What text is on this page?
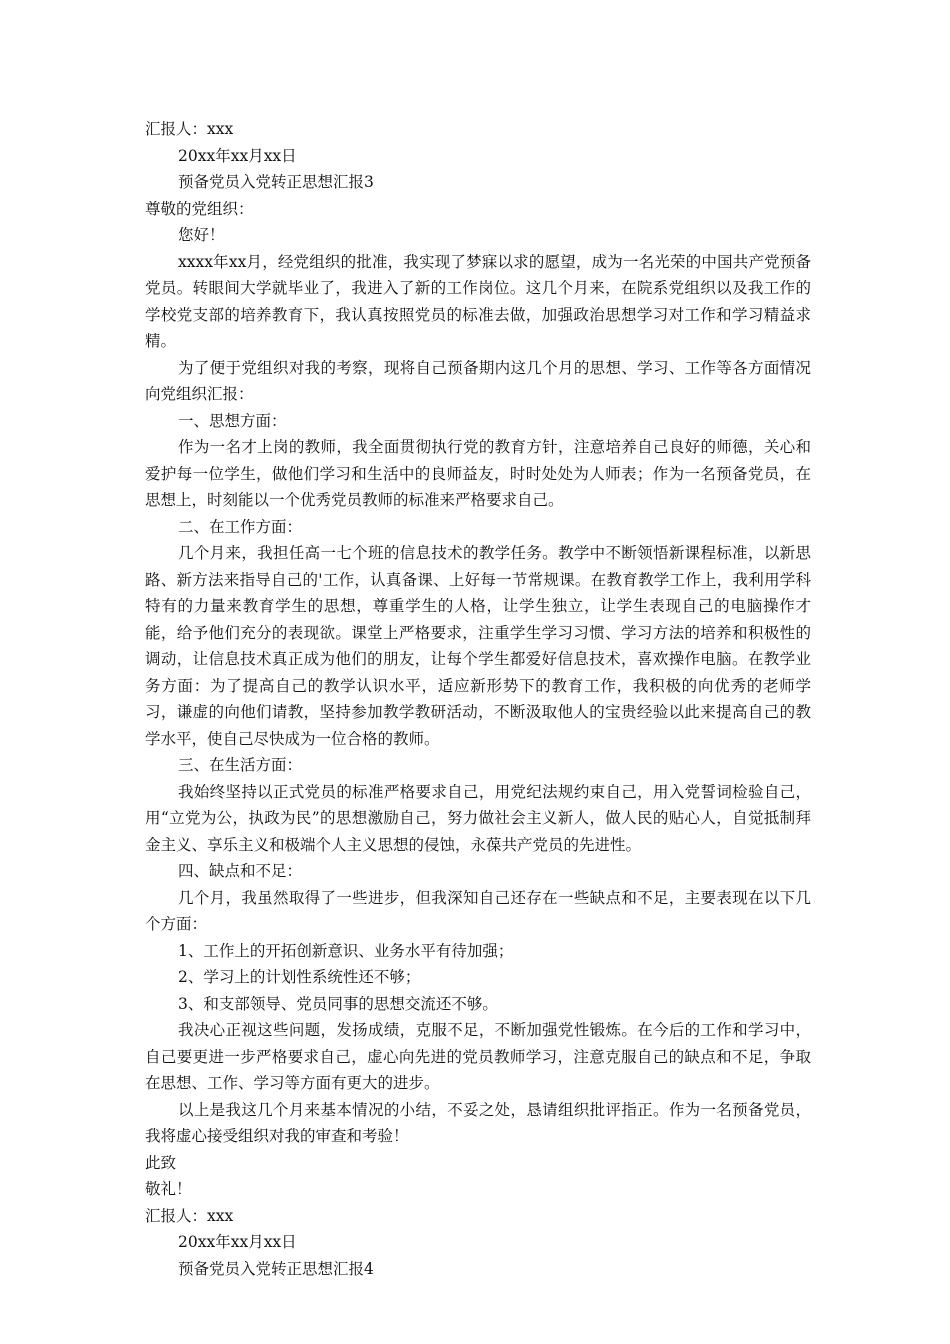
汇报人：xxx

20xx年xx月xx日

预备党员入党转正思想汇报3

尊敬的党组织：

您好！

xxxx年xx月，经党组织的批准，我实现了梦寐以求的愿望，成为一名光荣的中国共产党预备党员。转眼间大学就毕业了，我进入了新的工作岗位。这几个月来，在院系党组织以及我工作的学校党支部的培养教育下，我认真按照党员的标准去做，加强政治思想学习对工作和学习精益求精。

为了便于党组织对我的考察，现将自己预备期内这几个月的思想、学习、工作等各方面情况向党组织汇报：

一、思想方面：

作为一名才上岗的教师，我全面贯彻执行党的教育方针，注意培养自己良好的师德，关心和爱护每一位学生，做他们学习和生活中的良师益友，时时处处为人师表；作为一名预备党员，在思想上，时刻能以一个优秀党员教师的标准来严格要求自己。

二、在工作方面：

几个月来，我担任高一七个班的信息技术的教学任务。教学中不断领悟新课程标准，以新思路、新方法来指导自己的'工作，认真备课、上好每一节常规课。在教育教学工作上，我利用学科特有的力量来教育学生的思想，尊重学生的人格，让学生独立，让学生表现自己的电脑操作才能，给予他们充分的表现欲。课堂上严格要求，注重学生学习习惯、学习方法的培养和积极性的调动，让信息技术真正成为他们的朋友，让每个学生都爱好信息技术，喜欢操作电脑。在教学业务方面：为了提高自己的教学认识水平，适应新形势下的教育工作，我积极的向优秀的老师学习，谦虚的向他们请教，坚持参加教学教研活动，不断汲取他人的宝贵经验以此来提高自己的教学水平，使自己尽快成为一位合格的教师。

三、在生活方面：

我始终坚持以正式党员的标准严格要求自己，用党纪法规约束自己，用入党誓词检验自己，用“立党为公，执政为民”的思想激励自己，努力做社会主义新人，做人民的贴心人，自觉抵制拜金主义、享乐主义和极端个人主义思想的侵蚀，永葆共产党员的先进性。

四、缺点和不足：

几个月，我虽然取得了一些进步，但我深知自己还存在一些缺点和不足，主要表现在以下几个方面：

1、工作上的开拓创新意识、业务水平有待加强；

2、学习上的计划性系统性还不够；

3、和支部领导、党员同事的思想交流还不够。

我决心正视这些问题，发扬成绩，克服不足，不断加强党性锻炼。在今后的工作和学习中，自己要更进一步严格要求自己，虚心向先进的党员教师学习，注意克服自己的缺点和不足，争取在思想、工作、学习等方面有更大的进步。

以上是我这几个月来基本情况的小结，不妥之处，恳请组织批评指正。作为一名预备党员，我将虚心接受组织对我的审查和考验！

此致

敬礼！

汇报人：xxx

20xx年xx月xx日

预备党员入党转正思想汇报4
